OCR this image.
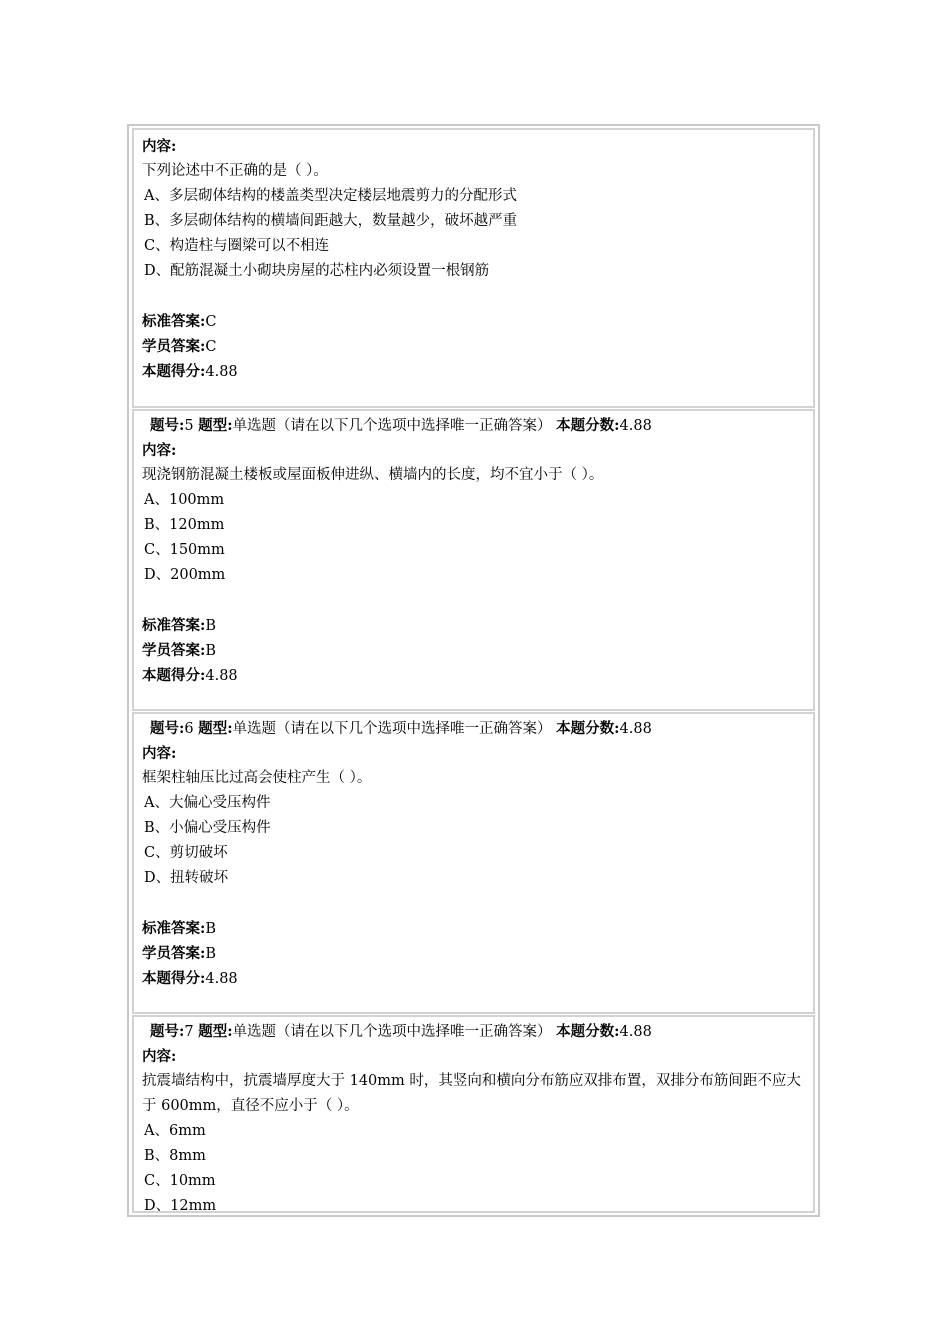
内容:
下列论述中不正确的是（ ）。
A、多层砌体结构的楼盖类型决定楼层地震剪力的分配形式
B、多层砌体结构的横墙间距越大，数量越少，破坏越严重
C、构造柱与圈梁可以不相连
D、配筋混凝土小砌块房屋的芯柱内必须设置一根钢筋
标准答案:C
学员答案:C
本题得分:4.88
题号:5 题型:单选题（请在以下几个选项中选择唯一正确答案） 本题分数:4.88
内容:
现浇钢筋混凝土楼板或屋面板伸进纵、横墙内的长度，均不宜小于（ ）。
A、100mm
B、120mm
C、150mm
D、200mm
标准答案:B
学员答案:B
本题得分:4.88
题号:6 题型:单选题（请在以下几个选项中选择唯一正确答案） 本题分数:4.88
内容:
框架柱轴压比过高会使柱产生（ ）。
A、大偏心受压构件
B、小偏心受压构件
C、剪切破坏
D、扭转破坏
标准答案:B
学员答案:B
本题得分:4.88
题号:7 题型:单选题（请在以下几个选项中选择唯一正确答案） 本题分数:4.88
内容:
抗震墙结构中，抗震墙厚度大于 140mm 时，其竖向和横向分布筋应双排布置，双排分布筋间距不应大于 600mm，直径不应小于（ ）。
A、6mm
B、8mm
C、10mm
D、12mm
